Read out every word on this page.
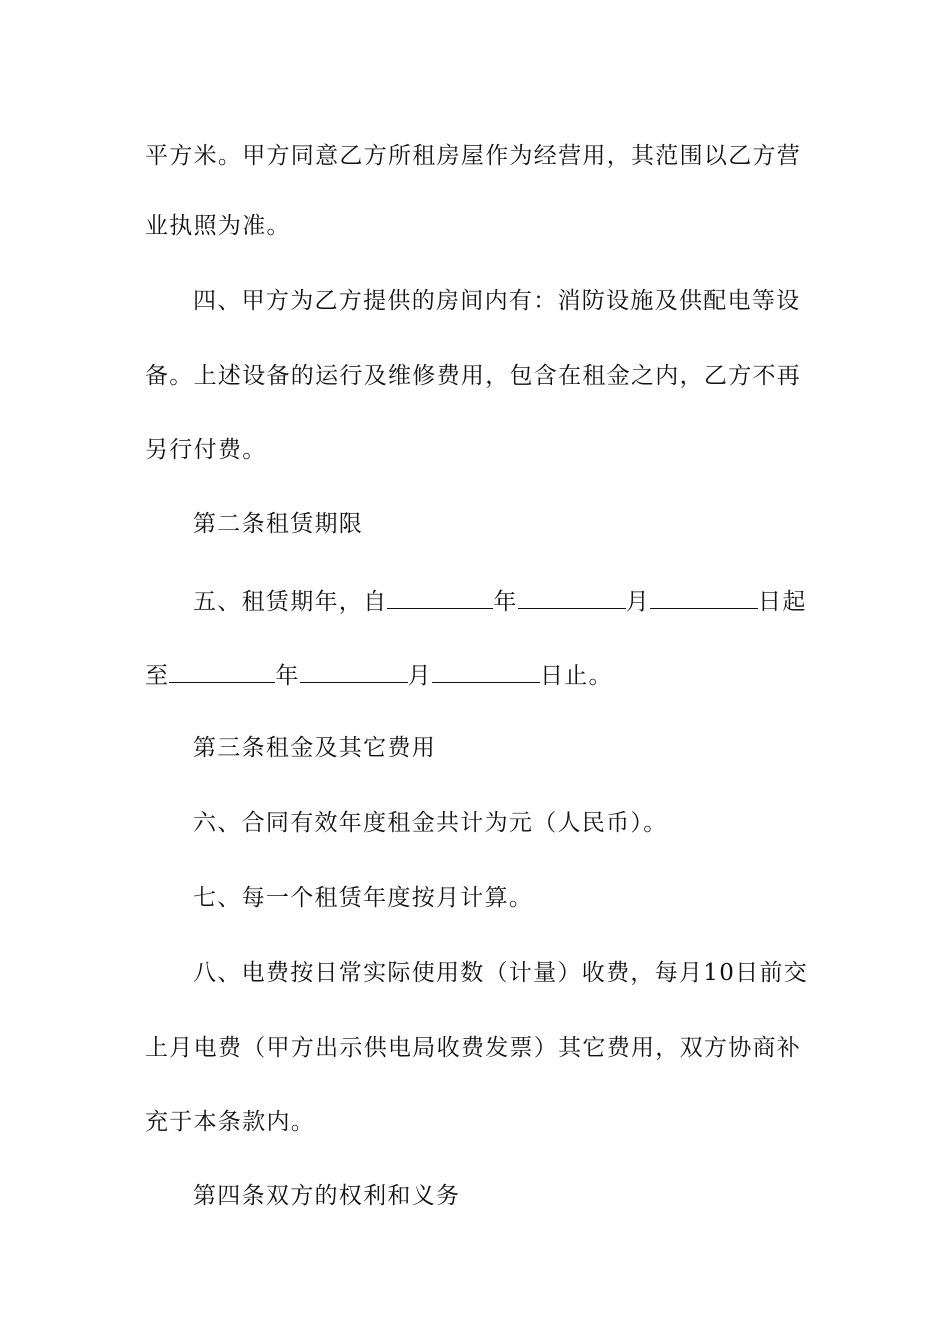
平方米。甲方同意乙方所租房屋作为经营用，其范围以乙方营
业执照为准。
四、甲方为乙方提供的房间内有：消防设施及供配电等设
备。上述设备的运行及维修费用，包含在租金之内，乙方不再
另行付费。
第二条租赁期限
五、租赁期年，自	年	月	日起
至	年	月	日止。
第三条租金及其它费用
六、合同有效年度租金共计为元（人民币）。
七、每一个租赁年度按月计算。
八、电费按日常实际使用数（计量）收费，每月10日前交
上月电费（甲方出示供电局收费发票）其它费用，双方协商补
充于本条款内。
第四条双方的权利和义务
